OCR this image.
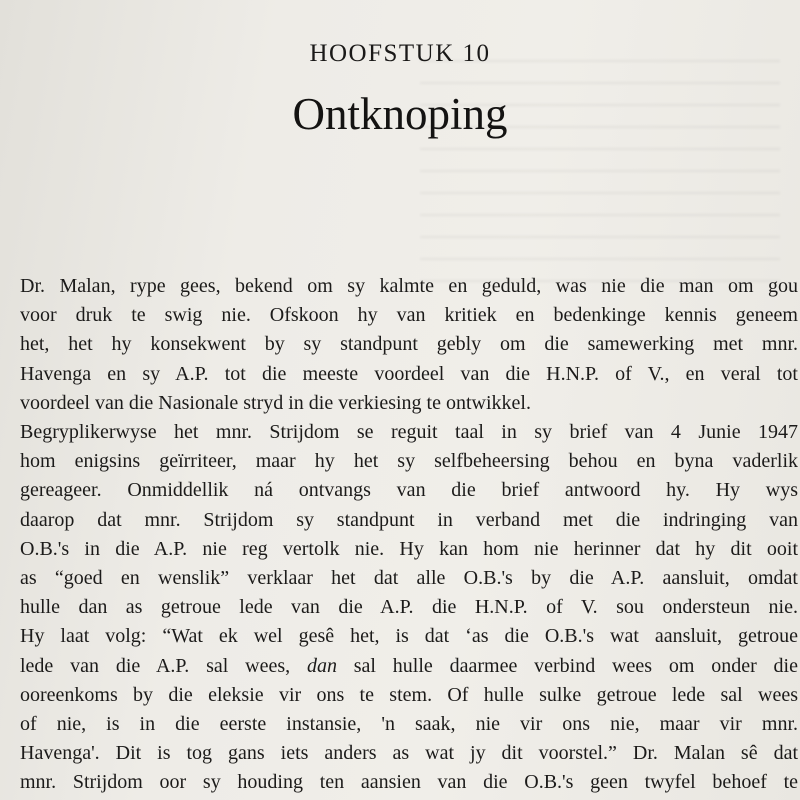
HOOFSTUK 10
Ontknoping
Dr. Malan, rype gees, bekend om sy kalmte en geduld, was nie die man om gou
voor druk te swig nie. Ofskoon hy van kritiek en bedenkinge kennis geneem
het, het hy konsekwent by sy standpunt gebly om die samewerking met mnr.
Havenga en sy A.P. tot die meeste voordeel van die H.N.P. of V., en veral tot
voordeel van die Nasionale stryd in die verkiesing te ontwikkel.
Begryplikerwyse het mnr. Strijdom se reguit taal in sy brief van 4 Junie 1947
hom enigsins geïrriteer, maar hy het sy selfbeheersing behou en byna vaderlik
gereageer. Onmiddellik ná ontvangs van die brief antwoord hy. Hy wys
daarop dat mnr. Strijdom sy standpunt in verband met die indringing van
O.B.'s in die A.P. nie reg vertolk nie. Hy kan hom nie herinner dat hy dit ooit
as “goed en wenslik” verklaar het dat alle O.B.'s by die A.P. aansluit, omdat
hulle dan as getroue lede van die A.P. die H.N.P. of V. sou ondersteun nie.
Hy laat volg: “Wat ek wel gesê het, is dat ‘as die O.B.'s wat aansluit, getroue
lede van die A.P. sal wees, dan sal hulle daarmee verbind wees om onder die
ooreenkoms by die eleksie vir ons te stem. Of hulle sulke getroue lede sal wees
of nie, is in die eerste instansie, 'n saak, nie vir ons nie, maar vir mnr.
Havenga'. Dit is tog gans iets anders as wat jy dit voorstel.” Dr. Malan sê dat
mnr. Strijdom oor sy houding ten aansien van die O.B.'s geen twyfel behoef te
